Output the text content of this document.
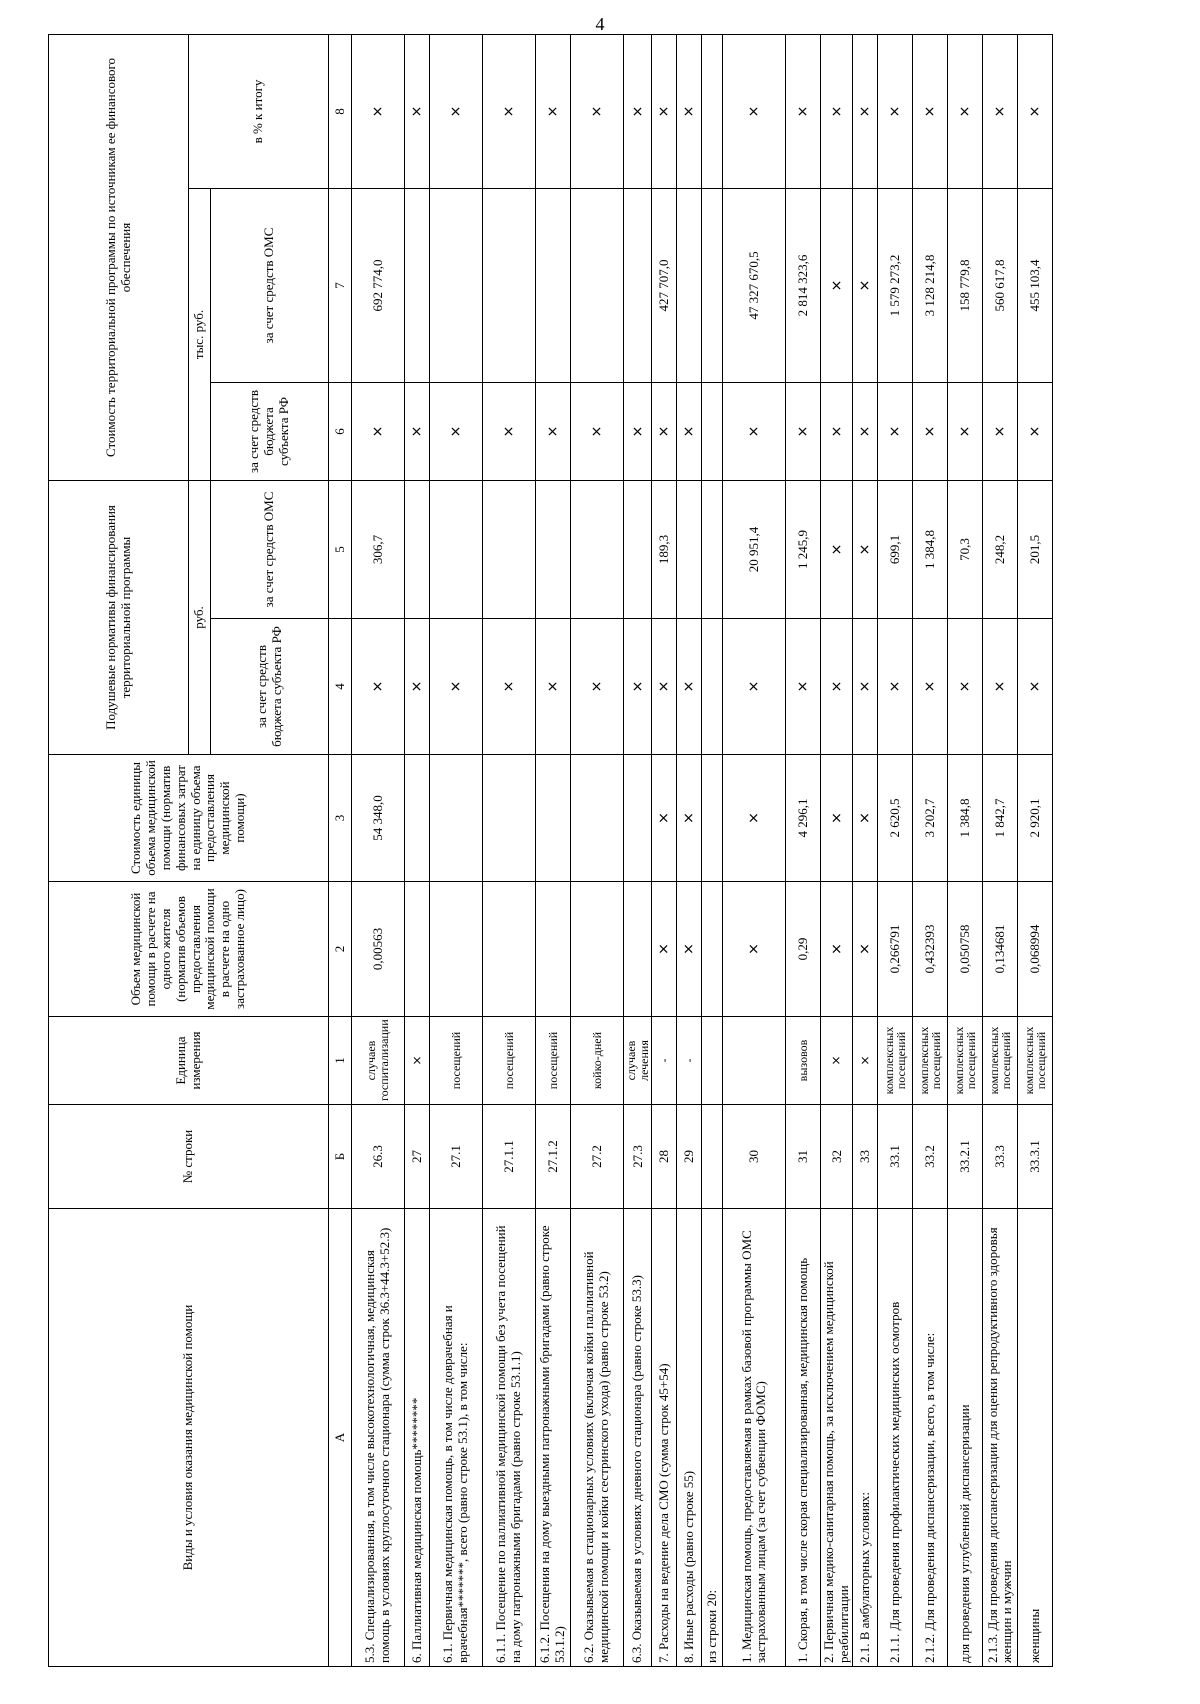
4
Виды и условия оказания медицинской помощи	№ строки	Единица измерения	Объем медицинской помощи в расчете на одного жителя (норматив объемов предоставления медицинской помощи в расчете на одно застрахованное лицо)	Стоимость единицы объема медицинской помощи (норматив финансовых затрат на единицу объема предоставления медицинской помощи)	Подушевые нормативы финансирования территориальной программы		Стоимость территориальной программы по источникам ее финансового обеспечения		
					руб.		тыс. руб.		в % к итогу
					за счет средств бюджета субъекта РФ	за счет средств ОМС	за счет средств бюджета субъекта РФ	за счет средств ОМС	
А	Б	1	2	3	4	5	6	7	8
5.3. Специализированная, в том числе высокотехнологичная, медицинская помощь в условиях круглосуточного стационара (сумма строк 36.3+44.3+52.3)	26.3	случаев госпитализации	0,00563	54 348,0	×	306,7	×	692 774,0	×
6. Паллиативная медицинская помощь********	27	×			×		×		×
6.1. Первичная медицинская помощь, в том числе доврачебная и врачебная*******, всего (равно строке 53.1), в том числе:	27.1	посещений			×		×		×
6.1.1. Посещение по паллиативной медицинской помощи без учета посещений на дому патронажными бригадами (равно строке 53.1.1)	27.1.1	посещений			×		×		×
6.1.2. Посещения на дому выездными патронажными бригадами (равно строке 53.1.2)	27.1.2	посещений			×		×		×
6.2. Оказываемая в стационарных условиях (включая койки паллиативной медицинской помощи и койки сестринского ухода) (равно строке 53.2)	27.2	койко-дней			×		×		×
6.3. Оказываемая в условиях дневного стационара (равно строке 53.3)	27.3	случаев лечения			×		×		×
7. Расходы на ведение дела СМО (сумма строк 45+54)	28	-	×	×	×	189,3	×	427 707,0	×
8. Иные расходы (равно строке 55)	29	-	×	×	×		×		×
из строки 20:									
1. Медицинская помощь, предоставляемая в рамках базовой программы ОМС застрахованным лицам (за счет субвенции ФОМС)	30		×	×	×	20 951,4	×	47 327 670,5	×
1. Скорая, в том числе скорая специализированная, медицинская помощь	31	вызовов	0,29	4 296,1	×	1 245,9	×	2 814 323,6	×
2. Первичная медико-санитарная помощь, за исключением медицинской реабилитации	32	×	×	×	×	×	×	×	×
2.1. В амбулаторных условиях:	33	×	×	×	×	×	×	×	×
2.1.1. Для проведения профилактических медицинских осмотров	33.1	комплексных посещений	0,266791	2 620,5	×	699,1	×	1 579 273,2	×
2.1.2. Для проведения диспансеризации, всего, в том числе:	33.2	комплексных посещений	0,432393	3 202,7	×	1 384,8	×	3 128 214,8	×
для проведения углубленной диспансеризации	33.2.1	комплексных посещений	0,050758	1 384,8	×	70,3	×	158 779,8	×
2.1.3. Для проведения диспансеризации для оценки репродуктивного здоровья женщин и мужчин	33.3	комплексных посещений	0,134681	1 842,7	×	248,2	×	560 617,8	×
женщины	33.3.1	комплексных посещений	0,068994	2 920,1	×	201,5	×	455 103,4	×
